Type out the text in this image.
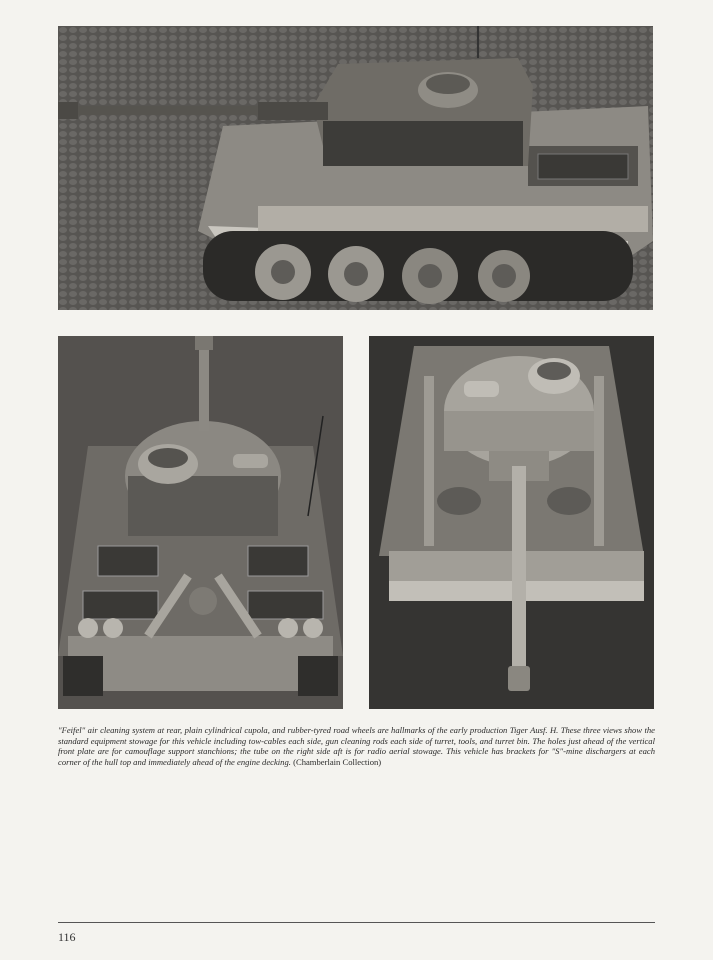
"Feifel" air cleaning system at rear, plain cylindrical cupola, and rubber-tyred road wheels are hallmarks of the early production Tiger Ausf. H. These three views show the standard equipment stowage for this vehicle including tow-cables each side, gun cleaning rods each side of turret, tools, and turret bin. The holes just ahead of the vertical front plate are for camouflage support stanchions; the tube on the right side aft is for radio aerial stowage. This vehicle has brackets for "S"-mine dischargers at each corner of the hull top and immediately ahead of the engine decking. (Chamberlain Collection)
116
